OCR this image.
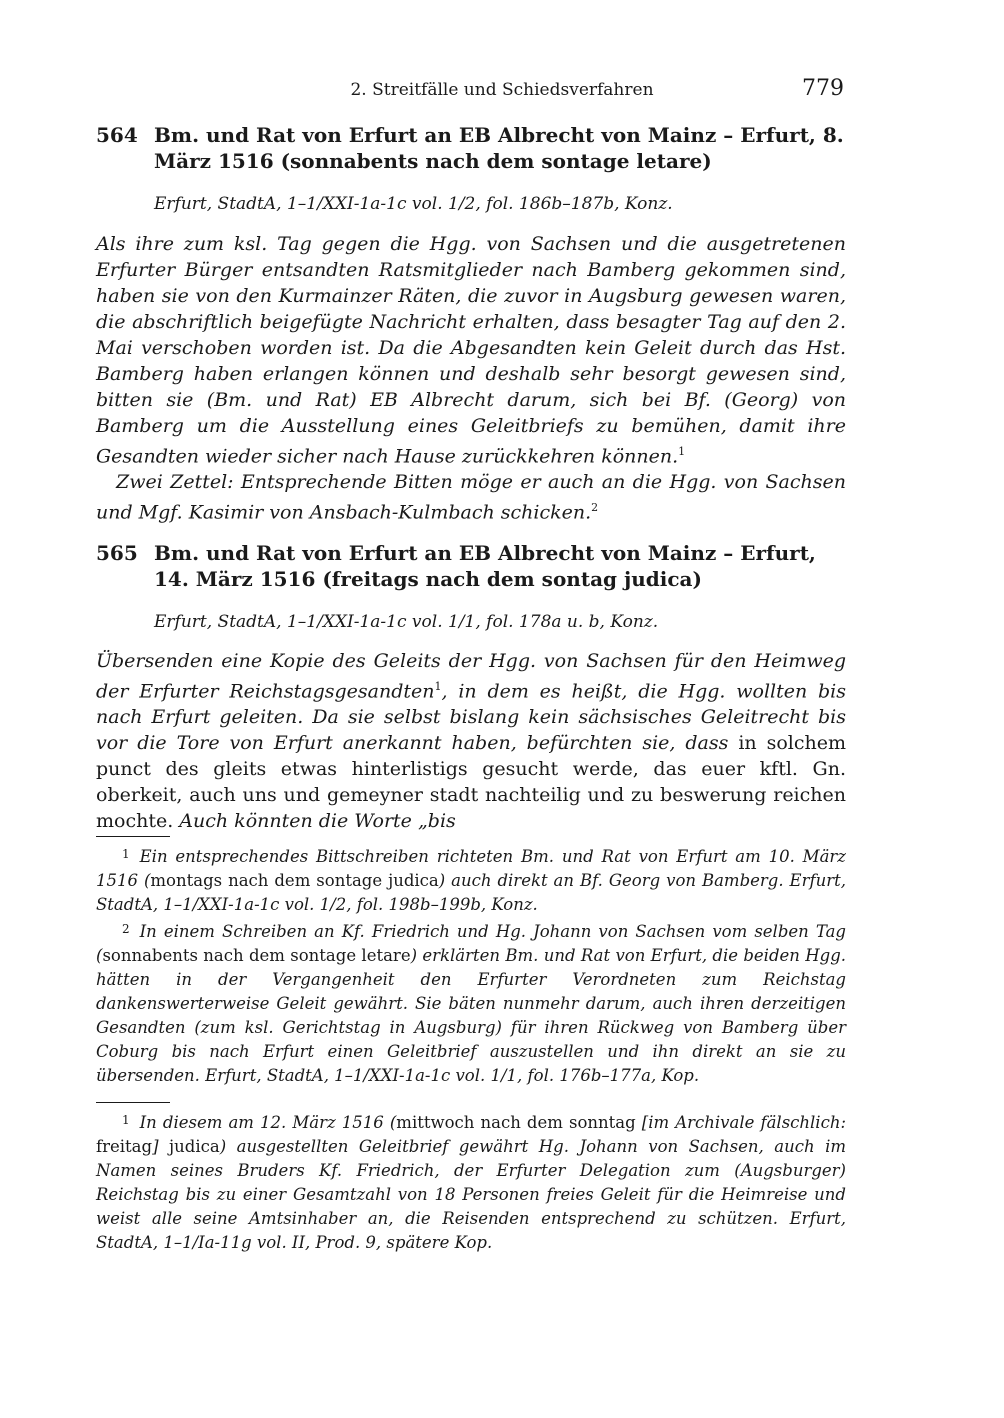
2. Streitfälle und Schiedsverfahren	779
564 Bm. und Rat von Erfurt an EB Albrecht von Mainz – Erfurt, 8. März 1516 (sonnabents nach dem sontage letare)
Erfurt, StadtA, 1–1/XXI-1a-1c vol. 1/2, fol. 186b–187b, Konz.

Als ihre zum ksl. Tag gegen die Hgg. von Sachsen und die ausgetretenen Erfurter Bürger entsandten Ratsmitglieder nach Bamberg gekommen sind, haben sie von den Kurmainzer Räten, die zuvor in Augsburg gewesen waren, die abschriftlich beigefügte Nachricht erhalten, dass besagter Tag auf den 2. Mai verschoben worden ist. Da die Abgesandten kein Geleit durch das Hst. Bamberg haben erlangen können und deshalb sehr besorgt gewesen sind, bitten sie (Bm. und Rat) EB Albrecht darum, sich bei Bf. (Georg) von Bamberg um die Ausstellung eines Geleitbriefs zu bemühen, damit ihre Gesandten wieder sicher nach Hause zurückkehren können.$^1$

Zwei Zettel: Entsprechende Bitten möge er auch an die Hgg. von Sachsen und Mgf. Kasimir von Ansbach-Kulmbach schicken.$^2$

565 Bm. und Rat von Erfurt an EB Albrecht von Mainz – Erfurt, 14. März 1516 (freitags nach dem sontag judica)
Erfurt, StadtA, 1–1/XXI-1a-1c vol. 1/1, fol. 178a u. b, Konz.

Übersenden eine Kopie des Geleits der Hgg. von Sachsen für den Heimweg der Erfurter Reichstagsgesandten$^1$, in dem es heißt, die Hgg. wollten bis nach Erfurt geleiten. Da sie selbst bislang kein sächsisches Geleitrecht bis vor die Tore von Erfurt anerkannt haben, befürchten sie, dass in solchem punct des gleits etwas hinterlistigs gesucht werde, das euer kftl. Gn. oberkeit, auch uns und gemeyner stadt nachteilig und zu beswerung reichen mochte. Auch könnten die Worte „bis

$^1$ Ein entsprechendes Bittschreiben richteten Bm. und Rat von Erfurt am 10. März 1516 (montags nach dem sontage judica) auch direkt an Bf. Georg von Bamberg. Erfurt, StadtA, 1–1/XXI-1a-1c vol. 1/2, fol. 198b–199b, Konz.

$^2$ In einem Schreiben an Kf. Friedrich und Hg. Johann von Sachsen vom selben Tag (sonnabents nach dem sontage letare) erklärten Bm. und Rat von Erfurt, die beiden Hgg. hätten in der Vergangenheit den Erfurter Verordneten zum Reichstag dankenswerterweise Geleit gewährt. Sie bäten nunmehr darum, auch ihren derzeitigen Gesandten (zum ksl. Gerichtstag in Augsburg) für ihren Rückweg von Bamberg über Coburg bis nach Erfurt einen Geleitbrief auszustellen und ihn direkt an sie zu übersenden. Erfurt, StadtA, 1–1/XXI-1a-1c vol. 1/1, fol. 176b–177a, Kop.

$^1$ In diesem am 12. März 1516 (mittwoch nach dem sonntag [im Archivale fälschlich: freitag] judica) ausgestellten Geleitbrief gewährt Hg. Johann von Sachsen, auch im Namen seines Bruders Kf. Friedrich, der Erfurter Delegation zum (Augsburger) Reichstag bis zu einer Gesamtzahl von 18 Personen freies Geleit für die Heimreise und weist alle seine Amtsinhaber an, die Reisenden entsprechend zu schützen. Erfurt, StadtA, 1–1/Ia-11g vol. II, Prod. 9, spätere Kop.
